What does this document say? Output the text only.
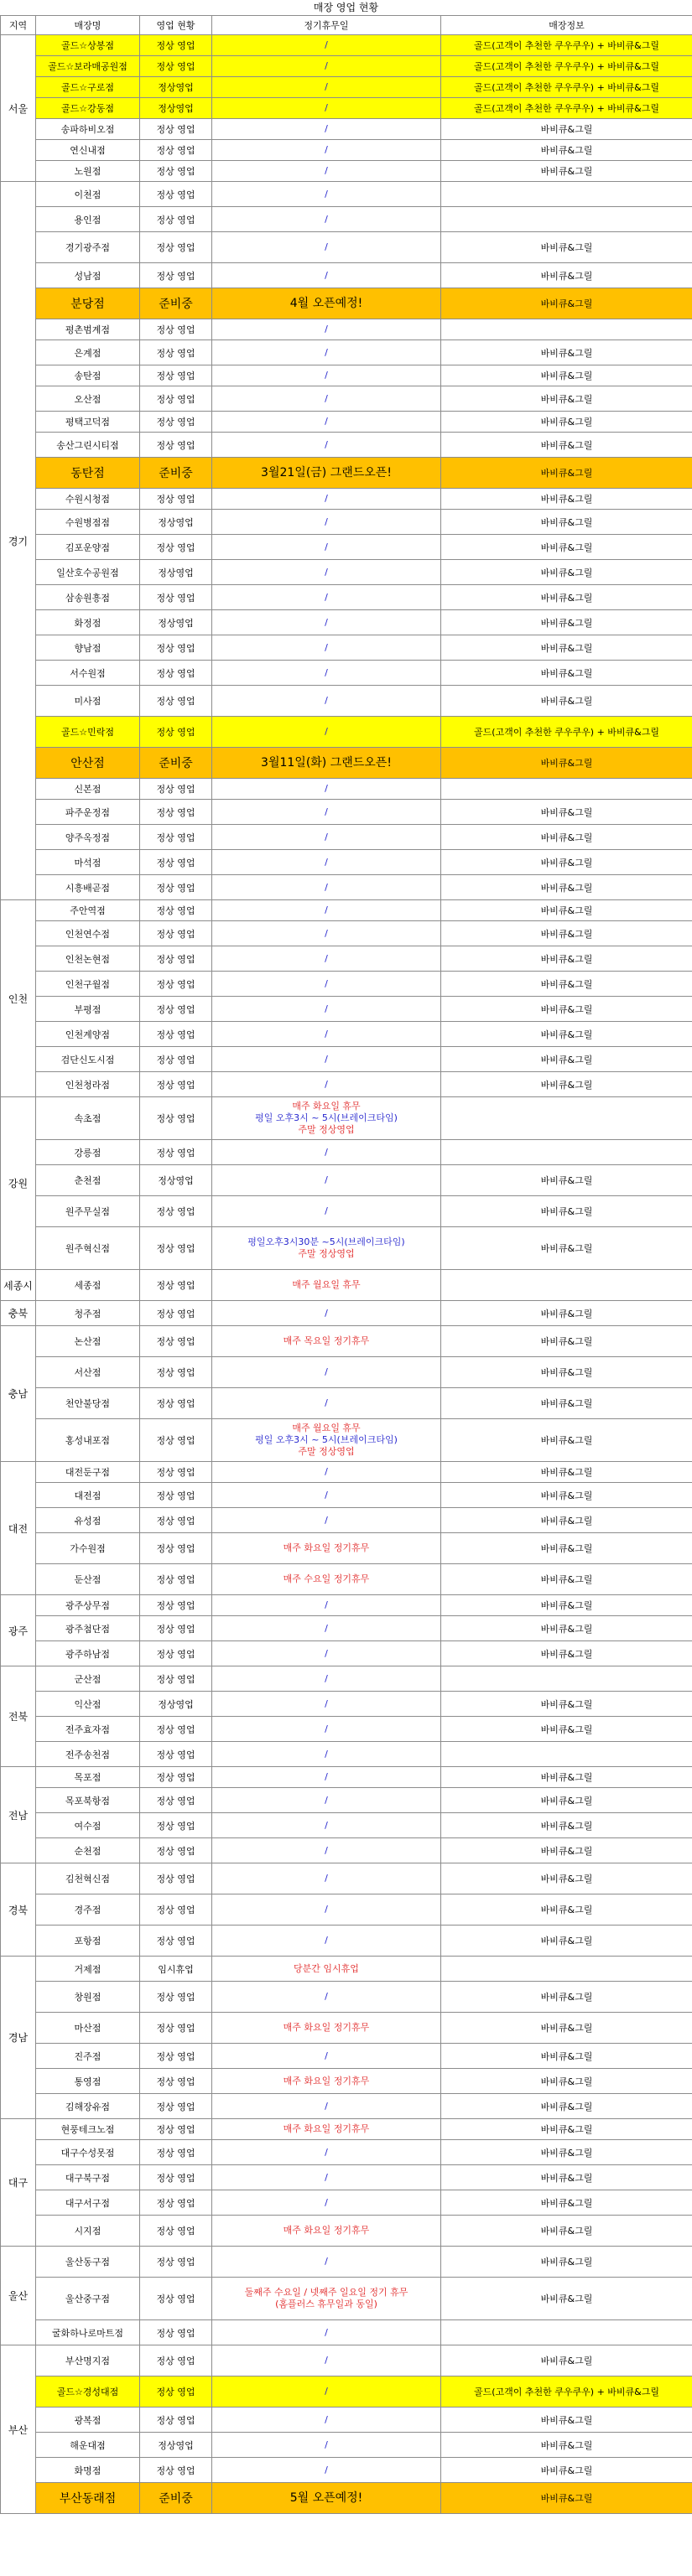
매장 영업 현황
지역	매장명	영업 현황	정기휴무일	매장정보
서울	골드☆상봉점	정상 영업	/	골드(고객이 추천한 쿠우쿠우) + 바비큐&그릴
	골드☆보라매공원점	정상 영업	/	골드(고객이 추천한 쿠우쿠우) + 바비큐&그릴
	골드☆구로점	정상영업	/	골드(고객이 추천한 쿠우쿠우) + 바비큐&그릴
	골드☆강동점	정상영업	/	골드(고객이 추천한 쿠우쿠우) + 바비큐&그릴
	송파하비오점	정상 영업	/	바비큐&그릴
	연신내점	정상 영업	/	바비큐&그릴
	노원점	정상 영업	/	바비큐&그릴
경기	이천점	정상 영업	/	

	용인점	정상 영업	/	

	경기광주점	정상 영업	/	바비큐&그릴
	성남점	정상 영업	/	바비큐&그릴
	분당점	준비중	4월 오픈예정!	바비큐&그릴
	평촌범계점	정상 영업	/	

	은계점	정상 영업	/	바비큐&그릴
	송탄점	정상 영업	/	바비큐&그릴
	오산점	정상 영업	/	바비큐&그릴
	평택고덕점	정상 영업	/	바비큐&그릴
	송산그린시티점	정상 영업	/	바비큐&그릴
	동탄점	준비중	3월21일(금) 그랜드오픈!	바비큐&그릴
	수원시청점	정상 영업	/	바비큐&그릴
	수원병점점	정상영업	/	바비큐&그릴
	김포운양점	정상 영업	/	바비큐&그릴
	일산호수공원점	정상영업	/	바비큐&그릴
	삼송원흥점	정상 영업	/	바비큐&그릴
	화정점	정상영업	/	바비큐&그릴
	향남점	정상 영업	/	바비큐&그릴
	서수원점	정상 영업	/	바비큐&그릴
	미사점	정상 영업	/	바비큐&그릴
	골드☆민락점	정상 영업	/	골드(고객이 추천한 쿠우쿠우) + 바비큐&그릴
	안산점	준비중	3월11일(화) 그랜드오픈!	바비큐&그릴
	신본점	정상 영업	/	

	파주운정점	정상 영업	/	바비큐&그릴
	양주옥정점	정상 영업	/	바비큐&그릴
	마석점	정상 영업	/	바비큐&그릴
	시흥배곧점	정상 영업	/	바비큐&그릴
인천	주안역점	정상 영업	/	바비큐&그릴
	인천연수점	정상 영업	/	바비큐&그릴
	인천논현점	정상 영업	/	바비큐&그릴
	인천구월점	정상 영업	/	바비큐&그릴
	부평점	정상 영업	/	바비큐&그릴
	인천계양점	정상 영업	/	바비큐&그릴
	검단신도시점	정상 영업	/	바비큐&그릴
	인천청라점	정상 영업	/	바비큐&그릴
강원	속초점	정상 영업	매주 화요일 휴무
평일 오후3시 ~ 5시(브레이크타임)
주말 정상영업	

	강릉점	정상 영업	/	

	춘천점	정상영업	/	바비큐&그릴
	원주무실점	정상 영업	/	바비큐&그릴
	원주혁신점	정상 영업	평일오후3시30분 ~5시(브레이크타임)
주말 정상영업	바비큐&그릴
세종시	세종점	정상 영업	매주 월요일 휴무	

충북	청주점	정상 영업	/	바비큐&그릴
충남	논산점	정상 영업	매주 목요일 정기휴무	바비큐&그릴
	서산점	정상 영업	/	바비큐&그릴
	천안불당점	정상 영업	/	바비큐&그릴
	홍성내포점	정상 영업	매주 월요일 휴무
평일 오후3시 ~ 5시(브레이크타임)
주말 정상영업	바비큐&그릴
대전	대전둔구점	정상 영업	/	바비큐&그릴
	대전점	정상 영업	/	바비큐&그릴
	유성점	정상 영업	/	바비큐&그릴
	가수원점	정상 영업	매주 화요일 정기휴무	바비큐&그릴
	둔산점	정상 영업	매주 수요일 정기휴무	바비큐&그릴
광주	광주상무점	정상 영업	/	바비큐&그릴
	광주첨단점	정상 영업	/	바비큐&그릴
	광주하남점	정상 영업	/	바비큐&그릴
전북	군산점	정상 영업	/	

	익산점	정상영업	/	바비큐&그릴
	전주효자점	정상 영업	/	바비큐&그릴
	전주송천점	정상 영업	/	

전남	목포점	정상 영업	/	바비큐&그릴
	목포북항점	정상 영업	/	바비큐&그릴
	여수점	정상 영업	/	바비큐&그릴
	순천점	정상 영업	/	바비큐&그릴
경북	김천혁신점	정상 영업	/	바비큐&그릴
	경주점	정상 영업	/	바비큐&그릴
	포항점	정상 영업	/	바비큐&그릴
경남	거제점	임시휴업	당분간 임시휴업	

	창원점	정상 영업	/	바비큐&그릴
	마산점	정상 영업	매주 화요일 정기휴무	바비큐&그릴
	진주점	정상 영업	/	바비큐&그릴
	통영점	정상 영업	매주 화요일 정기휴무	바비큐&그릴
	김해장유점	정상 영업	/	바비큐&그릴
대구	현풍테크노점	정상 영업	매주 화요일 정기휴무	바비큐&그릴
	대구수성못점	정상 영업	/	바비큐&그릴
	대구북구점	정상 영업	/	바비큐&그릴
	대구서구점	정상 영업	/	바비큐&그릴
	시지점	정상 영업	매주 화요일 정기휴무	바비큐&그릴
울산	울산동구점	정상 영업	/	바비큐&그릴
	울산중구점	정상 영업	둘째주 수요일 / 넷째주 일요일 정기 휴무
(홈플러스 휴무일과 동일)	바비큐&그릴
	굴화하나로마트점	정상 영업	/	

부산	부산명지점	정상 영업	/	바비큐&그릴
	골드☆경성대점	정상 영업	/	골드(고객이 추천한 쿠우쿠우) + 바비큐&그릴
	광복점	정상 영업	/	바비큐&그릴
	해운대점	정상영업	/	바비큐&그릴
	화명점	정상 영업	/	바비큐&그릴
	부산동래점	준비중	5월 오픈예정!	바비큐&그릴
